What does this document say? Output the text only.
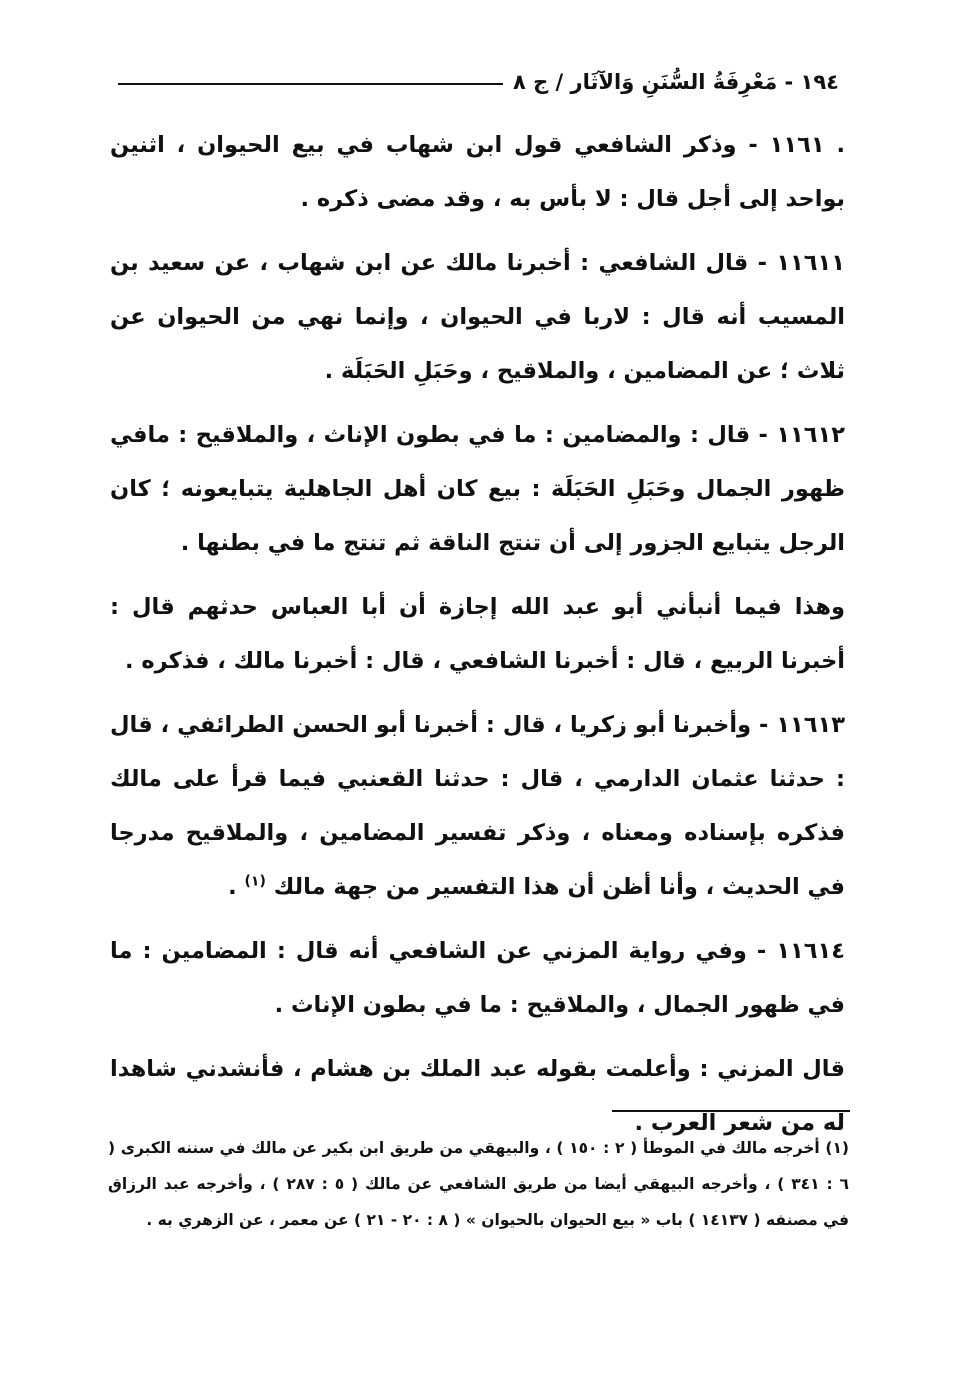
١٩٤ - مَعْرِفَةُ السُّنَنِ وَالآثَار / ج ٨

. ١١٦١ - وذكر الشافعي قول ابن شهاب في بيع الحيوان ، اثنين بواحد إلى أجل قال : لا بأس به ، وقد مضى ذكره .

١١٦١١ - قال الشافعي : أخبرنا مالك عن ابن شهاب ، عن سعيد بن المسيب أنه قال : لاربا في الحيوان ، وإنما نهي من الحيوان عن ثلاث ؛ عن المضامين ، والملاقيح ، وحَبَلِ الحَبَلَة .

١١٦١٢ - قال : والمضامين : ما في بطون الإناث ، والملاقيح : مافي ظهور الجمال وحَبَلِ الحَبَلَة : بيع كان أهل الجاهلية يتبايعونه ؛ كان الرجل يتبايع الجزور إلى أن تنتج الناقة ثم تنتج ما في بطنها .

وهذا فيما أنبأني أبو عبد الله إجازة أن أبا العباس حدثهم قال : أخبرنا الربيع ، قال : أخبرنا الشافعي ، قال : أخبرنا مالك ، فذكره .

١١٦١٣ - وأخبرنا أبو زكريا ، قال : أخبرنا أبو الحسن الطرائفي ، قال : حدثنا عثمان الدارمي ، قال : حدثنا القعنبي فيما قرأ على مالك فذكره بإسناده ومعناه ، وذكر تفسير المضامين ، والملاقيح مدرجا في الحديث ، وأنا أظن أن هذا التفسير من جهة مالك $^{(١)}$ .

١١٦١٤ - وفي رواية المزني عن الشافعي أنه قال : المضامين : ما في ظهور الجمال ، والملاقيح : ما في بطون الإناث .

قال المزني : وأعلمت بقوله عبد الملك بن هشام ، فأنشدني شاهدا له من شعر العرب .

(١) أخرجه مالك في الموطأ ( ٢ : ١٥٠ ) ، والبيهقي من طريق ابن بكير عن مالك في سننه الكبرى ( ٦ : ٣٤١ ) ، وأخرجه البيهقي أيضا من طريق الشافعي عن مالك ( ٥ : ٢٨٧ ) ، وأخرجه عبد الرزاق في مصنفه ( ١٤١٣٧ ) باب « بيع الحيوان بالحيوان » ( ٨ : ٢٠ - ٢١ ) عن معمر ، عن الزهري به .
